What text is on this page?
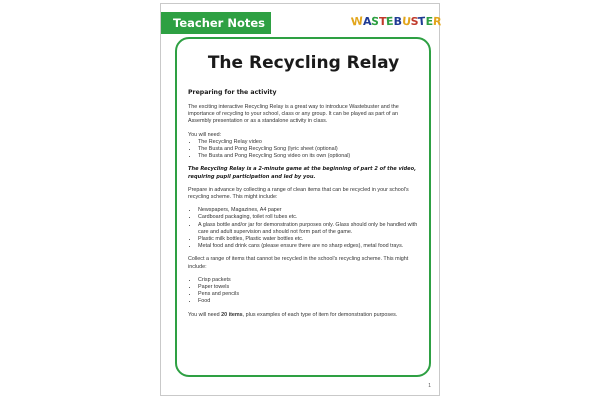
Teacher Notes	WASTEBUSTER
The Recycling Relay
Preparing for the activity

The exciting interactive Recycling Relay is a great way to introduce Wastebuster and the importance of recycling to your school, class or any group. It can be played as part of an Assembly presentation or as a standalone activity in class.

You will need:

• The Recycling Relay video
• The Busta and Pong Recycling Song (lyric sheet (optional)
• The Busta and Pong Recycling Song video on its own (optional)

The Recycling Relay is a 2-minute game at the beginning of part 2 of the video, requiring pupil participation and led by you.

Prepare in advance by collecting a range of clean items that can be recycled in your school's recycling scheme. This might include:

• Newspapers, Magazines, A4 paper
• Cardboard packaging, toilet roll tubes etc.
• A glass bottle and/or jar for demonstration purposes only. Glass should only be handled with care and adult supervision and should not form part of the game.
• Plastic milk bottles, Plastic water bottles etc.
• Metal food and drink cans (please ensure there are no sharp edges), metal food trays.

Collect a range of items that cannot be recycled in the school's recycling scheme. This might include:

• Crisp packets
• Paper towels
• Pens and pencils
• Food

You will need 20 items, plus examples of each type of item for demonstration purposes.

1
